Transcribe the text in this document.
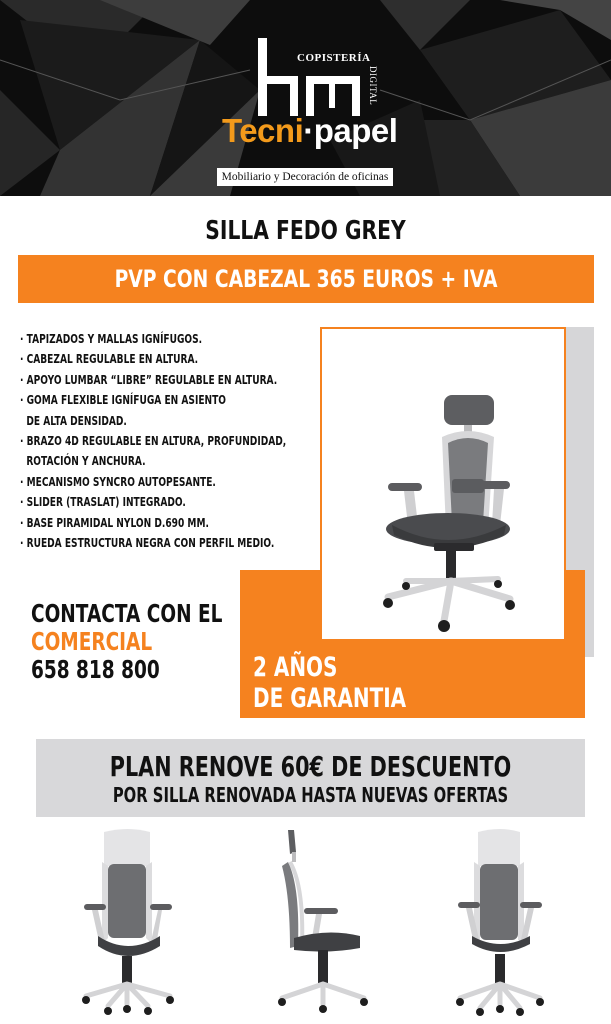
COPISTERÍA
DIGITAL
Tecni·papel
Mobiliario y Decoración de oficinas
SILLA FEDO GREY
PVP CON CABEZAL 365 EUROS + IVA
· TAPIZADOS Y MALLAS IGNÍFUGOS.
· CABEZAL REGULABLE EN ALTURA.
· APOYO LUMBAR “LIBRE” REGULABLE EN ALTURA.
· GOMA FLEXIBLE IGNÍFUGA EN ASIENTO
DE ALTA DENSIDAD.
· BRAZO 4D REGULABLE EN ALTURA, PROFUNDIDAD,
ROTACIÓN Y ANCHURA.
· MECANISMO SYNCRO AUTOPESANTE.
· SLIDER (TRASLAT) INTEGRADO.
· BASE PIRAMIDAL NYLON D.690 MM.
· RUEDA ESTRUCTURA NEGRA CON PERFIL MEDIO.
2 AÑOS
DE GARANTIA
CONTACTA CON EL
COMERCIAL
658 818 800
PLAN RENOVE 60€ DE DESCUENTO
POR SILLA RENOVADA HASTA NUEVAS OFERTAS
